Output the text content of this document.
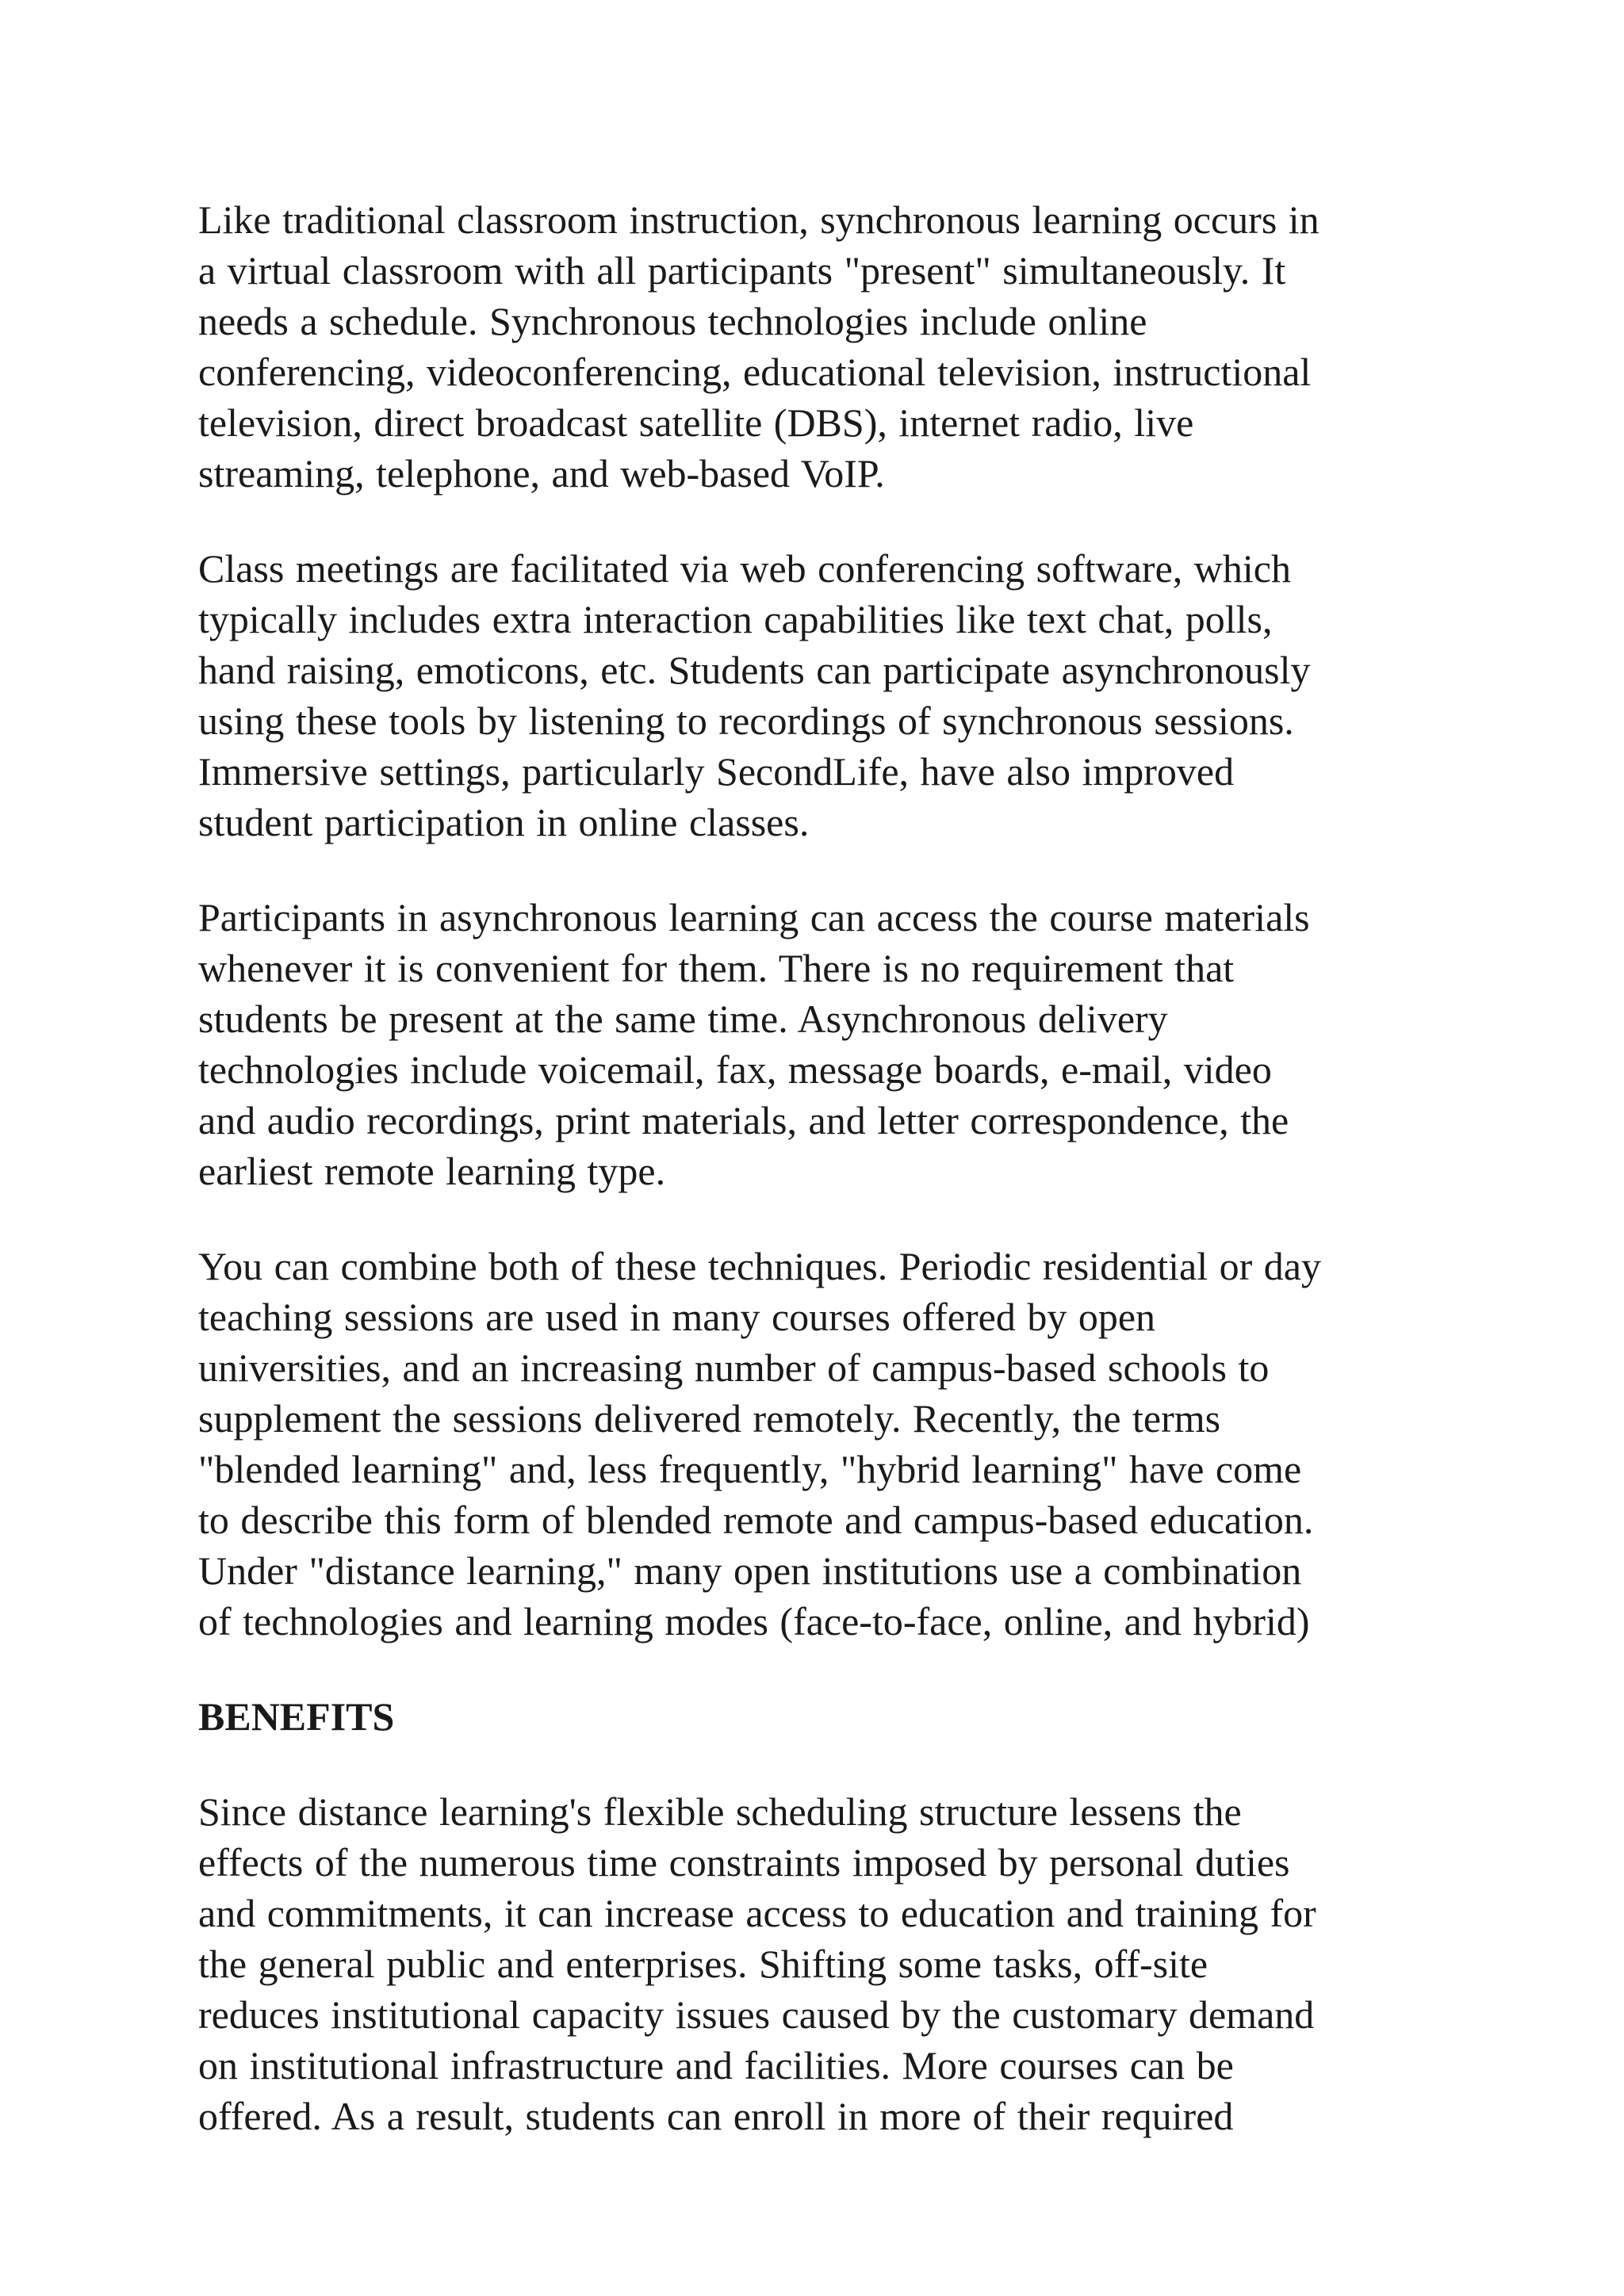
Like traditional classroom instruction, synchronous learning occurs in
a virtual classroom with all participants "present" simultaneously. It
needs a schedule. Synchronous technologies include online
conferencing, videoconferencing, educational television, instructional
television, direct broadcast satellite (DBS), internet radio, live
streaming, telephone, and web-based VoIP.

Class meetings are facilitated via web conferencing software, which
typically includes extra interaction capabilities like text chat, polls,
hand raising, emoticons, etc. Students can participate asynchronously
using these tools by listening to recordings of synchronous sessions.
Immersive settings, particularly SecondLife, have also improved
student participation in online classes.

Participants in asynchronous learning can access the course materials
whenever it is convenient for them. There is no requirement that
students be present at the same time. Asynchronous delivery
technologies include voicemail, fax, message boards, e-mail, video
and audio recordings, print materials, and letter correspondence, the
earliest remote learning type.

You can combine both of these techniques. Periodic residential or day
teaching sessions are used in many courses offered by open
universities, and an increasing number of campus-based schools to
supplement the sessions delivered remotely. Recently, the terms
"blended learning" and, less frequently, "hybrid learning" have come
to describe this form of blended remote and campus-based education.
Under "distance learning," many open institutions use a combination
of technologies and learning modes (face-to-face, online, and hybrid)

BENEFITS

Since distance learning's flexible scheduling structure lessens the
effects of the numerous time constraints imposed by personal duties
and commitments, it can increase access to education and training for
the general public and enterprises. Shifting some tasks, off-site
reduces institutional capacity issues caused by the customary demand
on institutional infrastructure and facilities. More courses can be
offered. As a result, students can enroll in more of their required
